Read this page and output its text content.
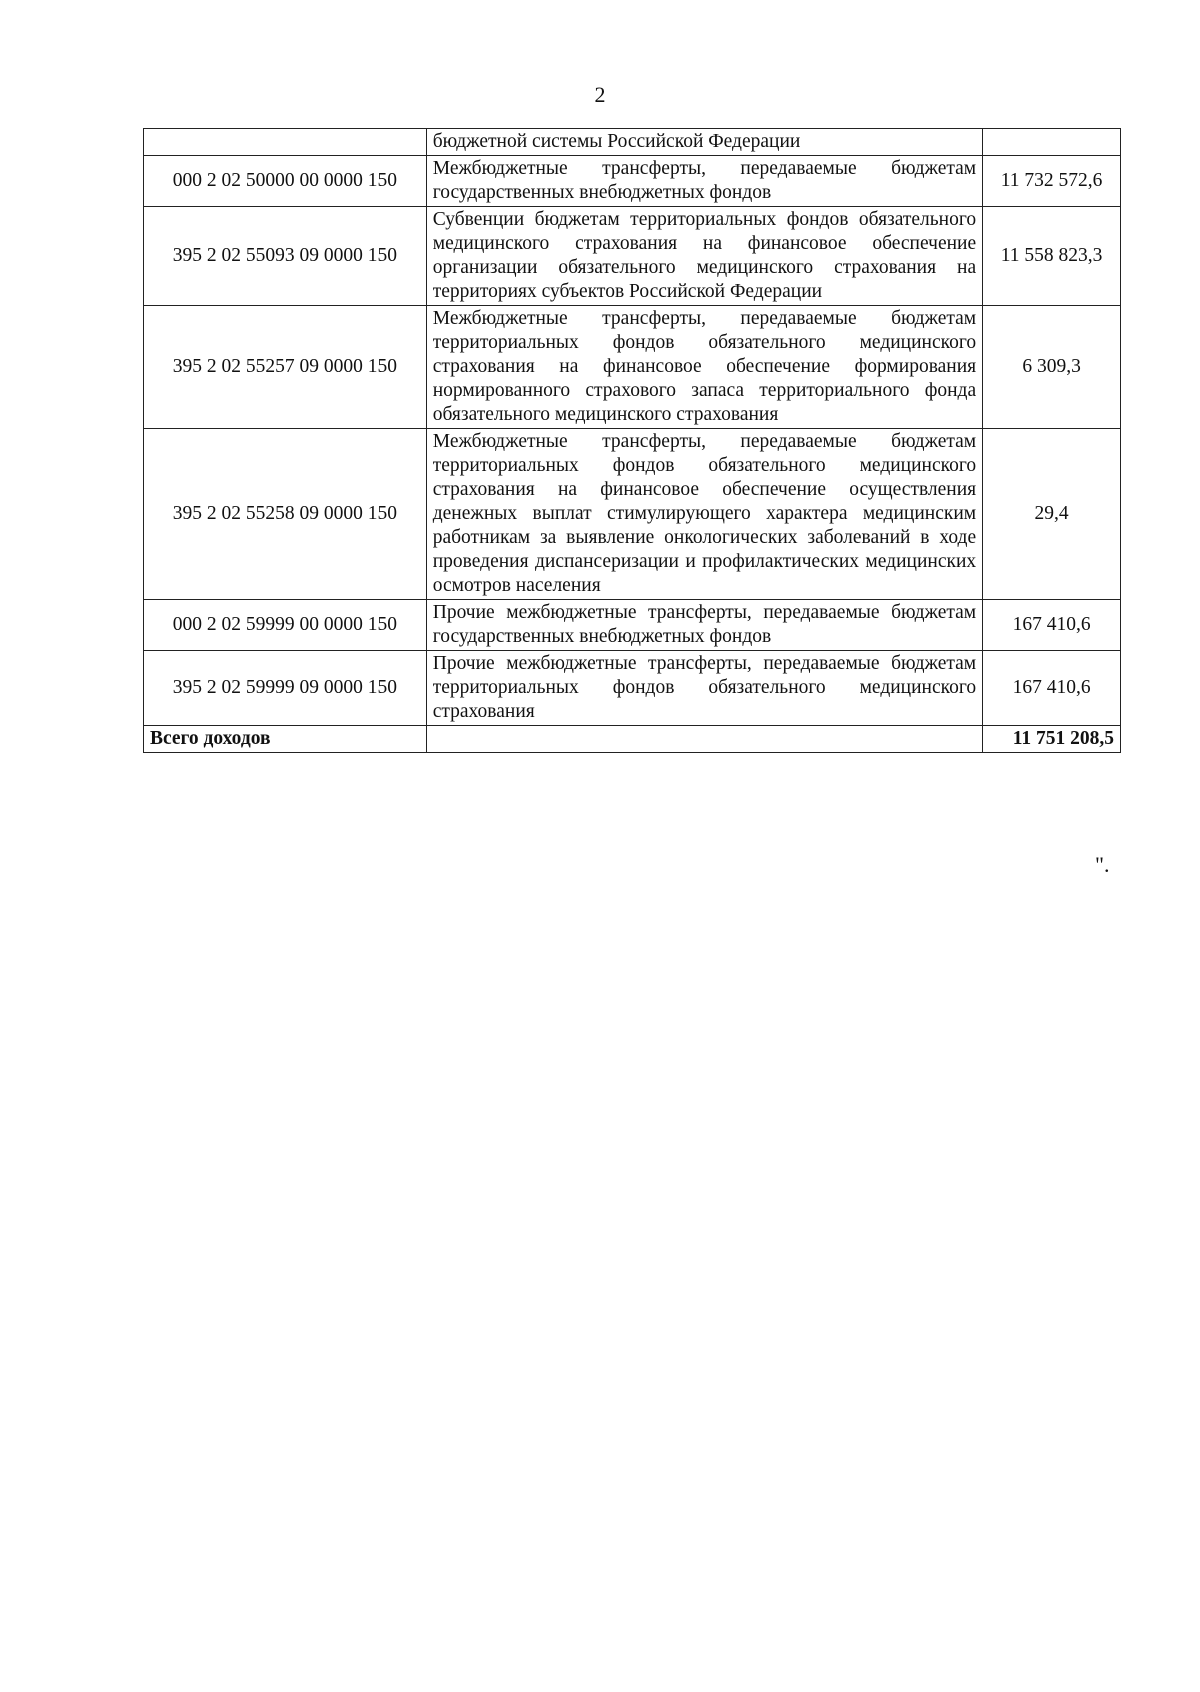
2
	бюджетной системы Российской Федерации	
000 2 02 50000 00 0000 150	Межбюджетные трансферты, передаваемые бюджетам государственных внебюджетных фондов	11 732 572,6
395 2 02 55093 09 0000 150	Субвенции бюджетам территориальных фондов обязательного медицинского страхования на финансовое обеспечение организации обязательного медицинского страхования на территориях субъектов Российской Федерации	11 558 823,3
395 2 02 55257 09 0000 150	Межбюджетные трансферты, передаваемые бюджетам территориальных фондов обязательного медицинского страхования на финансовое обеспечение формирования нормированного страхового запаса территориального фонда обязательного медицинского страхования	6 309,3
395 2 02 55258 09 0000 150	Межбюджетные трансферты, передаваемые бюджетам территориальных фондов обязательного медицинского страхования на финансовое обеспечение осуществления денежных выплат стимулирующего характера медицинским работникам за выявление онкологических заболеваний в ходе проведения диспансеризации и профилактических медицинских осмотров населения	29,4
000 2 02 59999 00 0000 150	Прочие межбюджетные трансферты, передаваемые бюджетам государственных внебюджетных фондов	167 410,6
395 2 02 59999 09 0000 150	Прочие межбюджетные трансферты, передаваемые бюджетам территориальных фондов обязательного медицинского страхования	167 410,6
Всего доходов		11 751 208,5
".
